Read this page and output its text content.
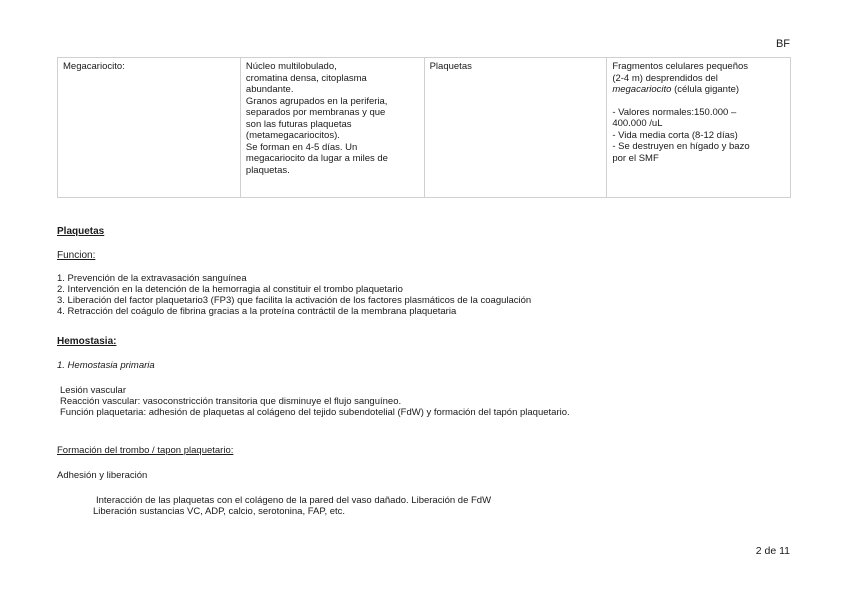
BF
Megacariocito:	Núcleo multilobulado,
cromatina densa, citoplasma
abundante.
Granos agrupados en la periferia,
separados por membranas y que
son las futuras plaquetas
(metamegacariocitos).
Se forman en 4-5 días. Un
megacariocito da lugar a miles de
plaquetas.
	Plaquetas	Fragmentos celulares pequeños
(2-4 m) desprendidos del
megacariocito (célula gigante)
- Valores normales:150.000 –
400.000 /uL
- Vida media corta (8-12 días)
- Se destruyen en hígado y bazo
por el SMF
Plaquetas
Funcion:
1. Prevención de la extravasación sanguínea
2. Intervención en la detención de la hemorragia al constituir el trombo plaquetario
3. Liberación del factor plaquetario3 (FP3) que facilita la activación de los factores plasmáticos de la coagulación
4. Retracción del coágulo de fibrina gracias a la proteína contráctil de la membrana plaquetaria
Hemostasia:
1. Hemostasia primaria
Lesión vascular
Reacción vascular: vasoconstricción transitoria que disminuye el flujo sanguíneo.
Función plaquetaria: adhesión de plaquetas al colágeno del tejido subendotelial (FdW) y formación del tapón plaquetario.
Formación del trombo / tapon plaquetario:
Adhesión y liberación
Interacción de las plaquetas con el colágeno de la pared del vaso dañado. Liberación de FdW
Liberación sustancias VC, ADP, calcio, serotonina, FAP, etc.
2 de 11
